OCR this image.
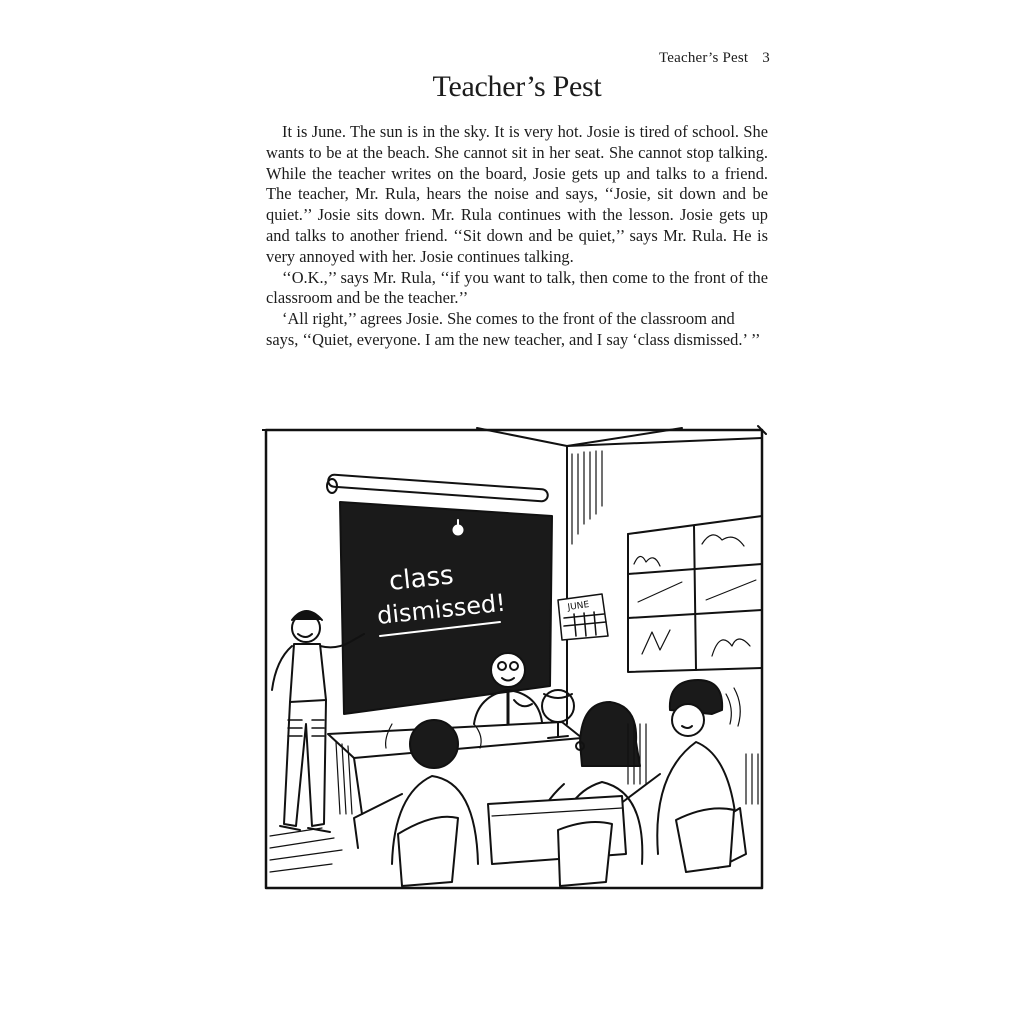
Teacher’s Pest 3
Teacher’s Pest

It is June. The sun is in the sky. It is very hot. Josie is tired of school. She wants to be at the beach. She cannot sit in her seat. She cannot stop talking. While the teacher writes on the board, Josie gets up and talks to a friend. The teacher, Mr. Rula, hears the noise and says, ‘‘Josie, sit down and be quiet.’’ Josie sits down. Mr. Rula continues with the lesson. Josie gets up and talks to another friend. ‘‘Sit down and be quiet,’’ says Mr. Rula. He is very annoyed with her. Josie continues talking.

‘‘O.K.,’’ says Mr. Rula, ‘‘if you want to talk, then come to the front of the classroom and be the teacher.’’

‘All right,’’ agrees Josie. She comes to the front of the classroom and says, ‘‘Quiet, everyone. I am the new teacher, and I say ‘class dismissed.’ ’’

class
dismissed!	JUNE
